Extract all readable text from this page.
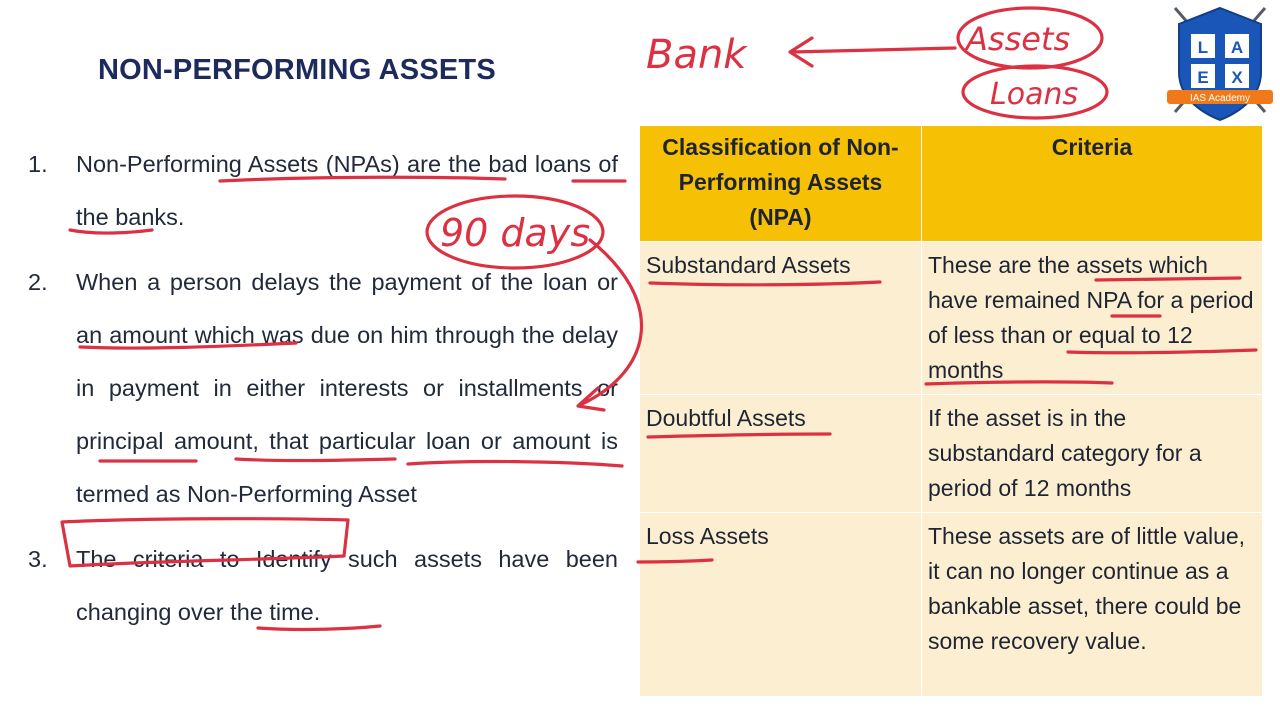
NON-PERFORMING ASSETS
1. Non-Performing Assets (NPAs) are the bad loans of the banks.
2. When a person delays the payment of the loan or an amount which was due on him through the delay in payment in either interests or installments or principal amount, that particular loan or amount is termed as Non-Performing Asset
3. The criteria to Identify such assets have been changing over the time.
Classification of Non-Performing Assets (NPA)	Criteria
Substandard Assets	These are the assets which have remained NPA for a period of less than or equal to 12 months
Doubtful Assets	If the asset is in the substandard category for a period of 12 months
Loss Assets	These assets are of little value, it can no longer continue as a bankable asset, there could be some recovery value.
Bank	Assets
Loans
90 days
L A
E X
IAS Academy
